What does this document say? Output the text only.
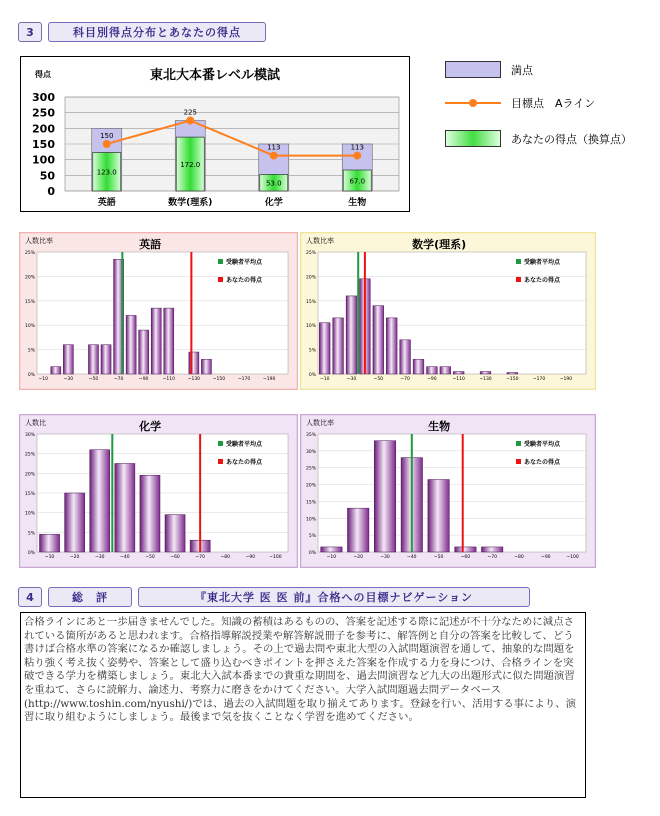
3	科目別得点分布とあなたの得点
300
250
200
150
100
50
0
得点	東北大本番レベル模試
123.0
150
英語
172.0
225
数学(理系)
53.0
113
化学
67.0
113
生物
満点
目標点　Aライン
あなたの得点（換算点）
25%
20%
15%
10%
5%
0%
人数比率	英語
~10	~30	~50	~70	~90	~110	~130	~150	~170	~190
受験者平均点
あなたの得点
25%
20%
15%
10%
5%
0%
人数比率	数学(理系)
~10	~30	~50	~70	~90	~110	~130	~150	~170	~190
受験者平均点
あなたの得点
30%
25%
20%
15%
10%
5%
0%
人数比	化学
~10	~20	~30	~40	~50	~60	~70	~80	~90	~100
受験者平均点
あなたの得点
35%
30%
25%
20%
15%
10%
5%
0%
人数比率	生物
~10	~20	~30	~40	~50	~60	~70	~80	~90	~100
受験者平均点
あなたの得点
4	総　評	『東北大学 医 医 前』合格への目標ナビゲーション
合格ラインにあと一歩届きませんでした。知識の蓄積はあるものの、答案を記述する際に記述が不十分なために減点されている箇所があると思われます。合格指導解説授業や解答解説冊子を参考に、解答例と自分の答案を比較して、どう書けば合格水準の答案になるか確認しましょう。その上で過去問や東北大型の入試問題演習を通して、抽象的な問題を粘り強く考え抜く姿勢や、答案として盛り込むべきポイントを押さえた答案を作成する力を身につけ、合格ラインを突破できる学力を構築しましょう。東北大入試本番までの貴重な期間を、過去問演習など九大の出題形式に似た問題演習を重ねて、さらに読解力、論述力、考察力に磨きをかけてください。大学入試問題過去問データベース(http://www.toshin.com/nyushi/)では、過去の入試問題を取り揃えてあります。登録を行い、活用する事により、演習に取り組むようにしましょう。最後まで気を抜くことなく学習を進めてください。
